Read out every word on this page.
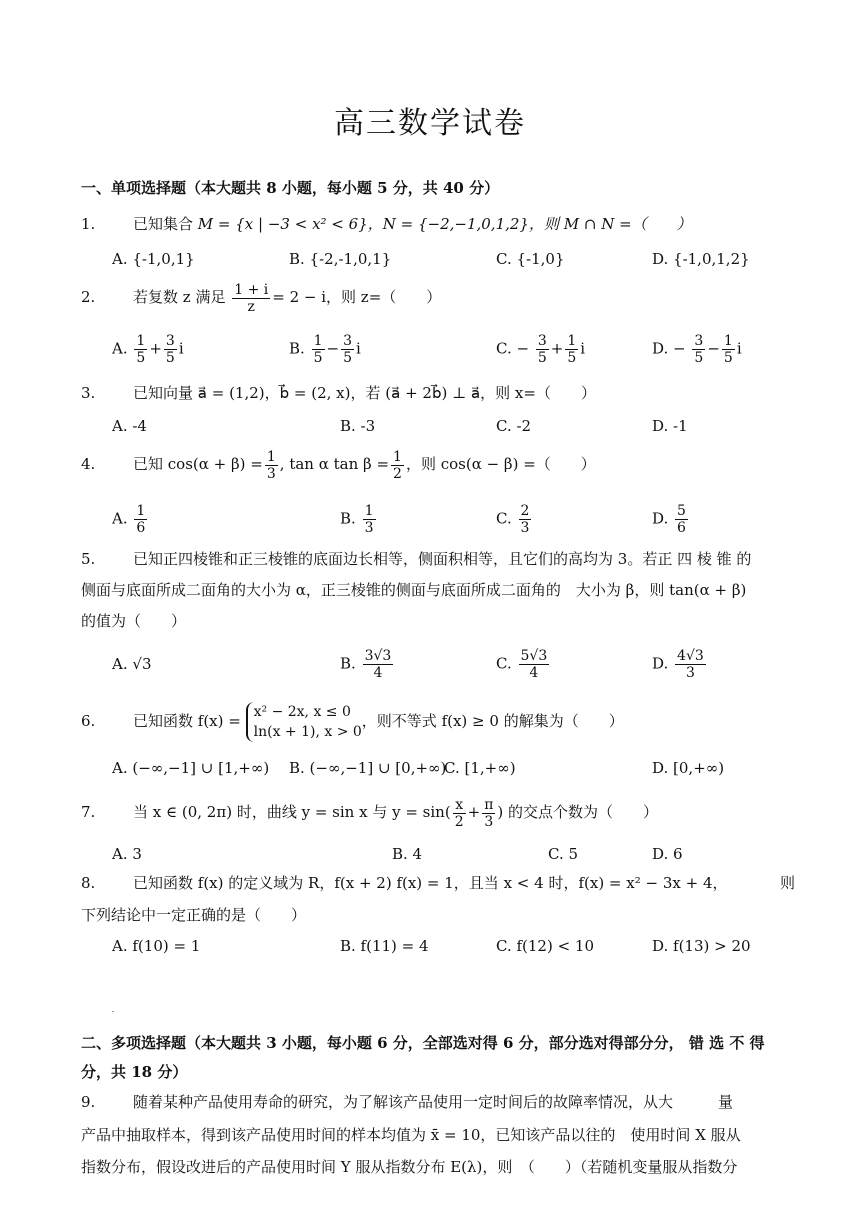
高三数学试卷
一、单项选择题（本大题共 8 小题，每小题 5 分，共 40 分）
1.	已知集合 M = {x | −3 < x² < 6}，N = {−2,−1,0,1,2}，则 M ∩ N =（　　）
A. {-1,0,1}	B. {-2,-1,0,1}	C. {-1,0}	D. {-1,0,1,2}
2.	若复数 z 满足 $\frac{1 + i}{z} = 2 - i$，则 z=（　　）
A. $\frac{1}{5} + \frac{3}{5}$ i	B. $\frac{1}{5} - \frac{3}{5}$ i	C. − $\frac{3}{5} + \frac{1}{5}$ i	D. − $\frac{3}{5} - \frac{1}{5}$ i
3.	已知向量 a⃗ = (1,2)，b⃗ = (2, x)，若 (a⃗ + 2b⃗) ⊥ a⃗，则 x=（　　）
A. -4	B. -3	C. -2	D. -1
4.	已知 $\cos(\alpha + \beta) = \frac{1}{3}$ , tan α $\tan \beta = \frac{1}{2}$ ，则 cos(α − β) =（　　）
A. $\frac{1}{6}$	B. $\frac{1}{3}$	C. $\frac{2}{3}$	D. $\frac{5}{6}$
5.	已知正四棱锥和正三棱锥的底面边长相等，侧面积相等，且它们的高均为 3。若正 四 棱 锥 的
侧面与底面所成二面角的大小为 α，正三棱锥的侧面与底面所成二面角的　大小为 β，则 tan(α + β)
的值为（　　）
A. √3	B. $\frac{3√3}{4}$	C. $\frac{5√3}{4}$	D. $\frac{4√3}{3}$
6.	已知函数 f(x) = x² − 2x, x ≤ 0
ln(x + 1), x > 0
，则不等式 f(x) ≥ 0 的解集为（　　）
A. (−∞,−1] ∪ [1,+∞) B. (−∞,−1] ∪ [0,+∞)
C. [1,+∞)	D. [0,+∞)
7.	当 x ∈ (0, 2π) 时，曲线 y = sin x 与 $y = \sin( \frac{x}{2} + \frac{\pi}{3}$ ) 的交点个数为（　　）
A. 3	B. 4	C. 5	D. 6
8.	已知函数 f(x) 的定义域为 R，f(x + 2) f(x) = 1，且当 x < 4 时，f(x) = x² − 3x + 4，　　　　则
下列结论中一定正确的是（　　）
A. f(10) = 1	B. f(11) = 4	C. f(12) < 10	D. f(13) > 20
二、多项选择题（本大题共 3 小题，每小题 6 分，全部选对得 6 分，部分选对得部分分， 错 选 不 得
分，共 18 分）
9.	随着某种产品使用寿命的研究，为了解该产品使用一定时间后的故障率情况，从大　　　量
产品中抽取样本，得到该产品使用时间的样本均值为 x̄ = 10，已知该产品以往的　使用时间 X 服从
指数分布，假设改进后的产品使用时间 Y 服从指数分布 E(λ)，则　（　　）（若随机变量服从指数分
